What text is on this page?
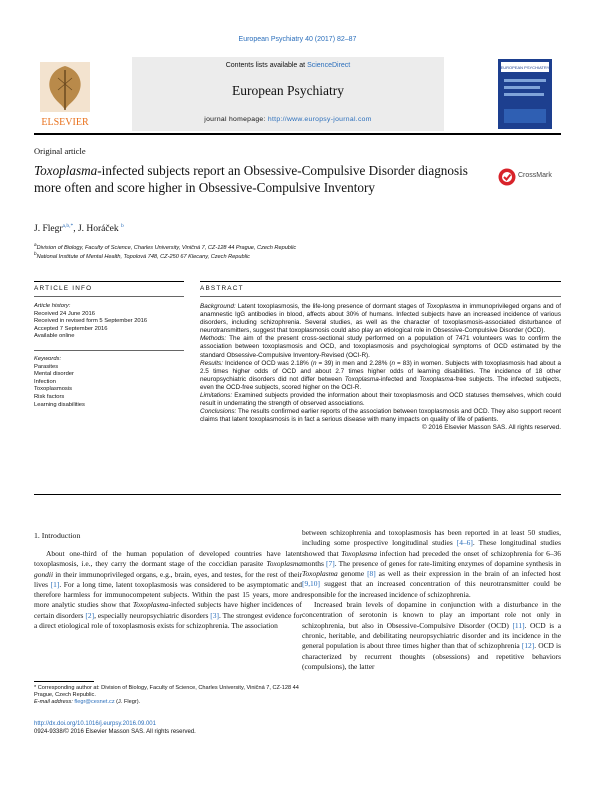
European Psychiatry 40 (2017) 82–87
ELSEVIER
Contents lists available at ScienceDirect
European Psychiatry
journal homepage: http://www.europsy-journal.com
EUROPEAN PSYCHIATRY
Original article
Toxoplasma-infected subjects report an Obsessive-Compulsive Disorder diagnosis more often and score higher in Obsessive-Compulsive Inventory
CrossMark
J. Flegr$^{a,b,*}$, J. Horáček $^b$
$^a$Division of Biology, Faculty of Science, Charles University, Viničná 7, CZ-128 44 Prague, Czech Republic
$^b$National Institute of Mental Health, Topolová 748, CZ-250 67 Klecany, Czech Republic
ARTICLE INFO
Article history:
Received 24 June 2016
Received in revised form 5 September 2016
Accepted 7 September 2016
Available online
Keywords:
Parasites
Mental disorder
Infection
Toxoplasmosis
Risk factors
Learning disabilities
ABSTRACT

Background: Latent toxoplasmosis, the life-long presence of dormant stages of Toxoplasma in immunoprivileged organs and of anamnestic IgG antibodies in blood, affects about 30% of humans. Infected subjects have an increased incidence of various disorders, including schizophrenia. Several studies, as well as the character of toxoplasmosis-associated disturbance of neurotransmitters, suggest that toxoplasmosis could also play an etiological role in Obsessive-Compulsive Disorder (OCD).

Methods: The aim of the present cross-sectional study performed on a population of 7471 volunteers was to confirm the association between toxoplasmosis and OCD, and toxoplasmosis and psychological symptoms of OCD estimated by the standard Obsessive-Compulsive Inventory-Revised (OCI-R).

Results: Incidence of OCD was 2.18% (n = 39) in men and 2.28% (n = 83) in women. Subjects with toxoplasmosis had about a 2.5 times higher odds of OCD and about 2.7 times higher odds of learning disabilities. The incidence of 18 other neuropsychiatric disorders did not differ between Toxoplasma-infected and Toxoplasma-free subjects. The infected subjects, even the OCD-free subjects, scored higher on the OCI-R.

Limitations: Examined subjects provided the information about their toxoplasmosis and OCD statuses themselves, which could result in underrating the strength of observed associations.

Conclusions: The results confirmed earlier reports of the association between toxoplasmosis and OCD. They also support recent claims that latent toxoplasmosis is in fact a serious disease with many impacts on quality of life of patients.

© 2016 Elsevier Masson SAS. All rights reserved.

1. Introduction

About one-third of the human population of developed countries have latent toxoplasmosis, i.e., they carry the dormant stage of the coccidian parasite Toxoplasma gondii in their immunoprivileged organs, e.g., brain, eyes, and testes, for the rest of their lives [1]. For a long time, latent toxoplasmosis was considered to be asymptomatic and therefore harmless for immunocompetent subjects. Within the past 15 years, more and more analytic studies show that Toxoplasma-infected subjects have higher incidences of certain disorders [2], especially neuropsychiatric disorders [3]. The strongest evidence for a direct etiological role of toxoplasmosis exists for schizophrenia. The association

between schizophrenia and toxoplasmosis has been reported in at least 50 studies, including some prospective longitudinal studies [4–6]. These longitudinal studies showed that Toxoplasma infection had preceded the onset of schizophrenia for 6–36 months [7]. The presence of genes for rate-limiting enzymes of dopamine synthesis in Toxoplasma genome [8] as well as their expression in the brain of an infected host [9,10] suggest that an increased concentration of this neurotransmitter could be responsible for the increased incidence of schizophrenia.

Increased brain levels of dopamine in conjunction with a disturbance in the concentration of serotonin is known to play an important role not only in schizophrenia, but also in Obsessive-Compulsive Disorder (OCD) [11]. OCD is a chronic, heritable, and debilitating neuropsychiatric disorder and its incidence in the general population is about three times higher than that of schizophrenia [12]. OCD is characterized by recurrent thoughts (obsessions) and repetitive behaviors (compulsions), the latter

* Corresponding author at: Division of Biology, Faculty of Science, Charles University, Viničná 7, CZ-128 44 Prague, Czech Republic.
E-mail address: flegr@cesnet.cz (J. Flegr).
http://dx.doi.org/10.1016/j.eurpsy.2016.09.001
0924-9338/© 2016 Elsevier Masson SAS. All rights reserved.
